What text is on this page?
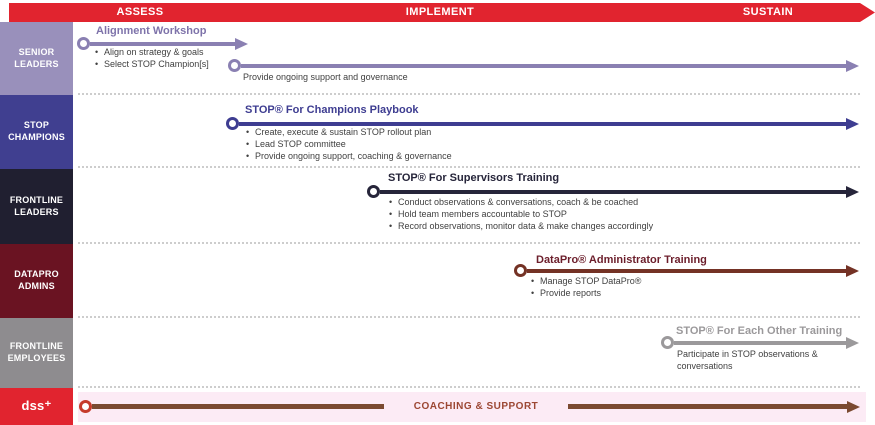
ASSESS	IMPLEMENT	SUSTAIN
SENIOR LEADERS
STOP CHAMPIONS
FRONTLINE LEADERS
DATAPRO ADMINS
FRONTLINE EMPLOYEES
dss⁺
Alignment Workshop
• Align on strategy & goals
• Select STOP Champion[s]
Provide ongoing support and governance
STOP® For Champions Playbook
• Create, execute & sustain STOP rollout plan
• Lead STOP committee
• Provide ongoing support, coaching & governance
STOP® For Supervisors Training
• Conduct observations & conversations, coach & be coached
• Hold team members accountable to STOP
• Record observations, monitor data & make changes accordingly
DataPro® Administrator Training
• Manage STOP DataPro®
• Provide reports
STOP® For Each Other Training
Participate in STOP observations & conversations
COACHING & SUPPORT
